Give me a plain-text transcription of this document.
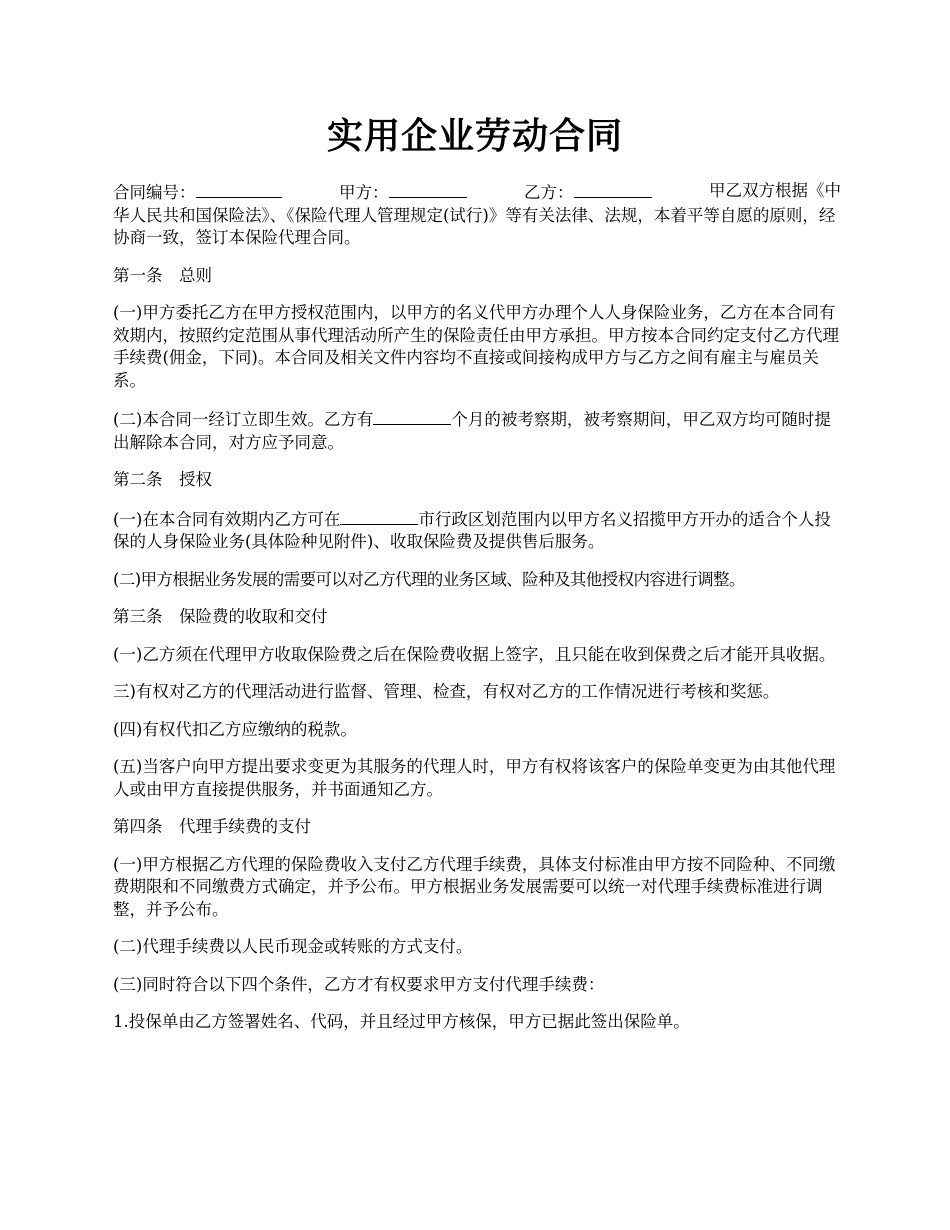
实用企业劳动合同

合同编号：	甲方：	乙方：	甲乙双方根据《中
华人民共和国保险法》、《保险代理人管理规定(试行)》等有关法律、法规，本着平等自愿的原则，经协商一致，签订本保险代理合同。

第一条　总则

(一)甲方委托乙方在甲方授权范围内，以甲方的名义代甲方办理个人人身保险业务，乙方在本合同有效期内，按照约定范围从事代理活动所产生的保险责任由甲方承担。甲方按本合同约定支付乙方代理手续费(佣金，下同)。本合同及相关文件内容均不直接或间接构成甲方与乙方之间有雇主与雇员关系。

(二)本合同一经订立即生效。乙方有	个月的被考察期，被考察期间，甲乙双方均可随时提出解除本合同，对方应予同意。

第二条　授权

(一)在本合同有效期内乙方可在	市行政区划范围内以甲方名义招揽甲方开办的适合个人投保的人身保险业务(具体险种见附件)、收取保险费及提供售后服务。

(二)甲方根据业务发展的需要可以对乙方代理的业务区域、险种及其他授权内容进行调整。

第三条　保险费的收取和交付

(一)乙方须在代理甲方收取保险费之后在保险费收据上签字，且只能在收到保费之后才能开具收据。

三)有权对乙方的代理活动进行监督、管理、检查，有权对乙方的工作情况进行考核和奖惩。

(四)有权代扣乙方应缴纳的税款。

(五)当客户向甲方提出要求变更为其服务的代理人时，甲方有权将该客户的保险单变更为由其他代理人或由甲方直接提供服务，并书面通知乙方。

第四条　代理手续费的支付

(一)甲方根据乙方代理的保险费收入支付乙方代理手续费，具体支付标准由甲方按不同险种、不同缴费期限和不同缴费方式确定，并予公布。甲方根据业务发展需要可以统一对代理手续费标准进行调整，并予公布。

(二)代理手续费以人民币现金或转账的方式支付。

(三)同时符合以下四个条件，乙方才有权要求甲方支付代理手续费：

1.投保单由乙方签署姓名、代码，并且经过甲方核保，甲方已据此签出保险单。
